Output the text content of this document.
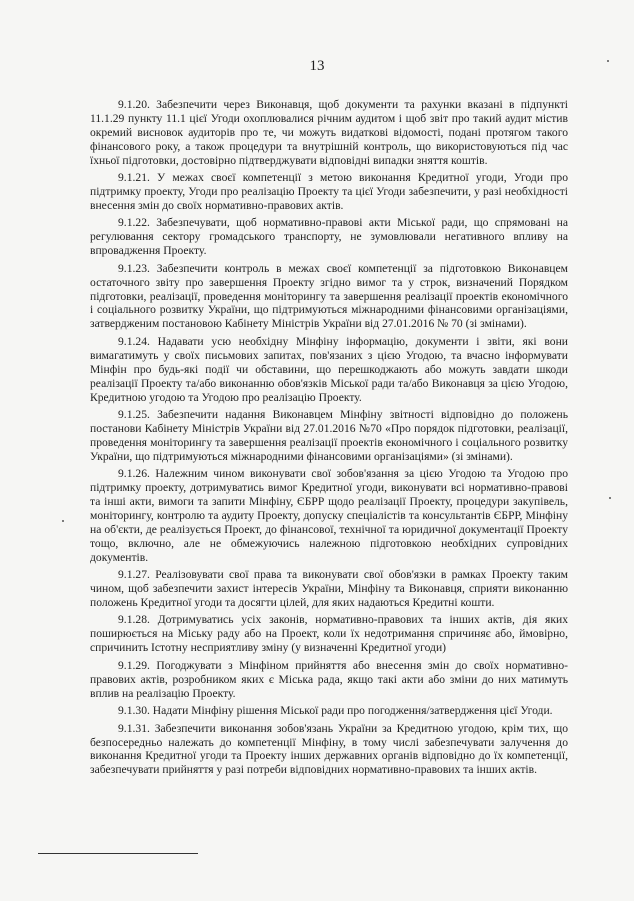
13

9.1.20. Забезпечити через Виконавця, щоб документи та рахунки вказані в підпункті 11.1.29 пункту 11.1 цієї Угоди охоплювалися річним аудитом і щоб звіт про такий аудит містив окремий висновок аудиторів про те, чи можуть видаткові відомості, подані протягом такого фінансового року, а також процедури та внутрішній контроль, що використовуються під час їхньої підготовки, достовірно підтверджувати відповідні випадки зняття коштів.

9.1.21. У межах своєї компетенції з метою виконання Кредитної угоди, Угоди про підтримку проекту, Угоди про реалізацію Проекту та цієї Угоди забезпечити, у разі необхідності внесення змін до своїх нормативно-правових актів.

9.1.22. Забезпечувати, щоб нормативно-правові акти Міської ради, що спрямовані на регулювання сектору громадського транспорту, не зумовлювали негативного впливу на впровадження Проекту.

9.1.23. Забезпечити контроль в межах своєї компетенції за підготовкою Виконавцем остаточного звіту про завершення Проекту згідно вимог та у строк, визначений Порядком підготовки, реалізації, проведення моніторингу та завершення реалізації проектів економічного і соціального розвитку України, що підтримуються міжнародними фінансовими організаціями, затвердженим постановою Кабінету Міністрів України від 27.01.2016 № 70 (зі змінами).

9.1.24. Надавати усю необхідну Мінфіну інформацію, документи і звіти, які вони вимагатимуть у своїх письмових запитах, пов'язаних з цією Угодою, та вчасно інформувати Мінфін про будь-які події чи обставини, що перешкоджають або можуть завдати шкоди реалізації Проекту та/або виконанню обов'язків Міської ради та/або Виконавця за цією Угодою, Кредитною угодою та Угодою про реалізацію Проекту.

9.1.25. Забезпечити надання Виконавцем Мінфіну звітності відповідно до положень постанови Кабінету Міністрів України від 27.01.2016 №70 «Про порядок підготовки, реалізації, проведення моніторингу та завершення реалізації проектів економічного і соціального розвитку України, що підтримуються міжнародними фінансовими організаціями» (зі змінами).

9.1.26. Належним чином виконувати свої зобов'язання за цією Угодою та Угодою про підтримку проекту, дотримуватись вимог Кредитної угоди, виконувати всі нормативно-правові та інші акти, вимоги та запити Мінфіну, ЄБРР щодо реалізації Проекту, процедури закупівель, моніторингу, контролю та аудиту Проекту, допуску спеціалістів та консультантів ЄБРР, Мінфіну на об'єкти, де реалізується Проект, до фінансової, технічної та юридичної документації Проекту тощо, включно, але не обмежуючись належною підготовкою необхідних супровідних документів.

9.1.27. Реалізовувати свої права та виконувати свої обов'язки в рамках Проекту таким чином, щоб забезпечити захист інтересів України, Мінфіну та Виконавця, сприяти виконанню положень Кредитної угоди та досягти цілей, для яких надаються Кредитні кошти.

9.1.28. Дотримуватись усіх законів, нормативно-правових та інших актів, дія яких поширюється на Міську раду або на Проект, коли їх недотримання спричиняє або, ймовірно, спричинить Істотну несприятливу зміну (у визначенні Кредитної угоди)

9.1.29. Погоджувати з Мінфіном прийняття або внесення змін до своїх нормативно-правових актів, розробником яких є Міська рада, якщо такі акти або зміни до них матимуть вплив на реалізацію Проекту.

9.1.30. Надати Мінфіну рішення Міської ради про погодження/затвердження цієї Угоди.

9.1.31. Забезпечити виконання зобов'язань України за Кредитною угодою, крім тих, що безпосередньо належать до компетенції Мінфіну, в тому числі забезпечувати залучення до виконання Кредитної угоди та Проекту інших державних органів відповідно до їх компетенції, забезпечувати прийняття у разі потреби відповідних нормативно-правових та інших актів.
